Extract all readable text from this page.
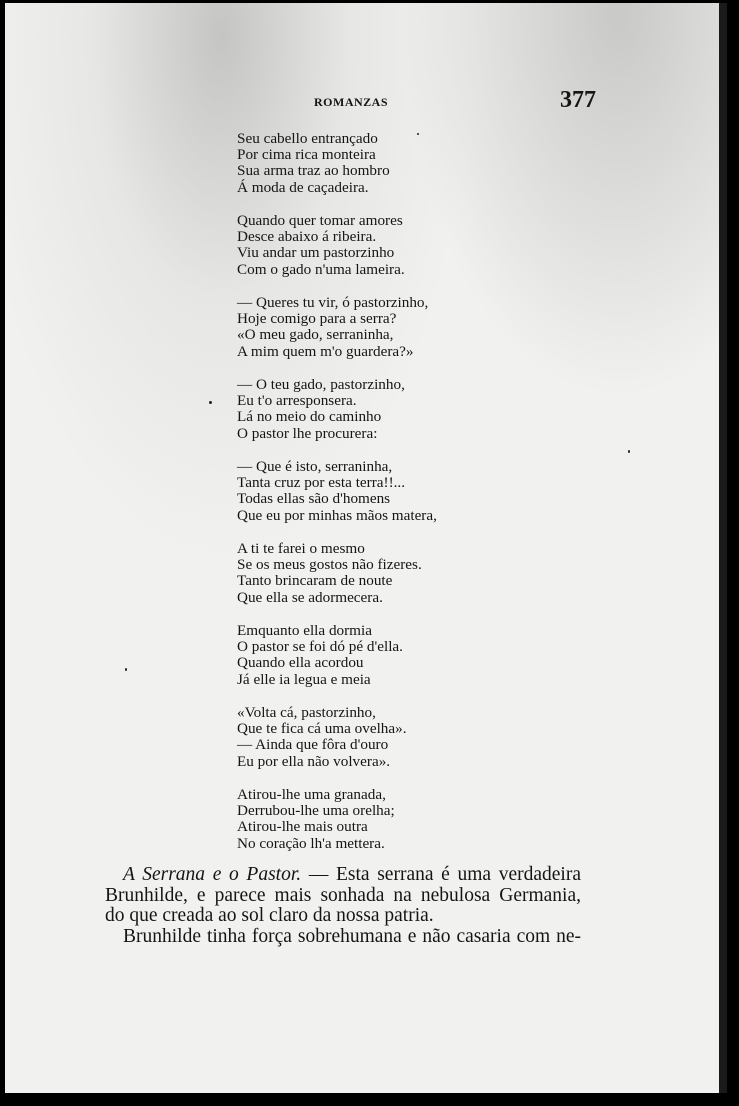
ROMANZAS	377
Seu cabello entrançado
Por cima rica monteira
Sua arma traz ao hombro
Á moda de caçadeira.
Quando quer tomar amores
Desce abaixo á ribeira.
Viu andar um pastorzinho
Com o gado n'uma lameira.
— Queres tu vir, ó pastorzinho,
Hoje comigo para a serra?
«O meu gado, serraninha,
A mim quem m'o guardera?»
— O teu gado, pastorzinho,
Eu t'o arresponsera.
Lá no meio do caminho
O pastor lhe procurera:
— Que é isto, serraninha,
Tanta cruz por esta terra!!...
Todas ellas são d'homens
Que eu por minhas mãos matera,
A ti te farei o mesmo
Se os meus gostos não fizeres.
Tanto brincaram de noute
Que ella se adormecera.
Emquanto ella dormia
O pastor se foi dó pé d'ella.
Quando ella acordou
Já elle ia legua e meia
«Volta cá, pastorzinho,
Que te fica cá uma ovelha».
— Ainda que fôra d'ouro
Eu por ella não volvera».
Atirou-lhe uma granada,
Derrubou-lhe uma orelha;
Atirou-lhe mais outra
No coração lh'a mettera.
A Serrana e o Pastor. — Esta serrana é uma verdadeira
Brunhilde, e parece mais sonhada na nebulosa Germania,
do que creada ao sol claro da nossa patria.
Brunhilde tinha força sobrehumana e não casaria com ne-
